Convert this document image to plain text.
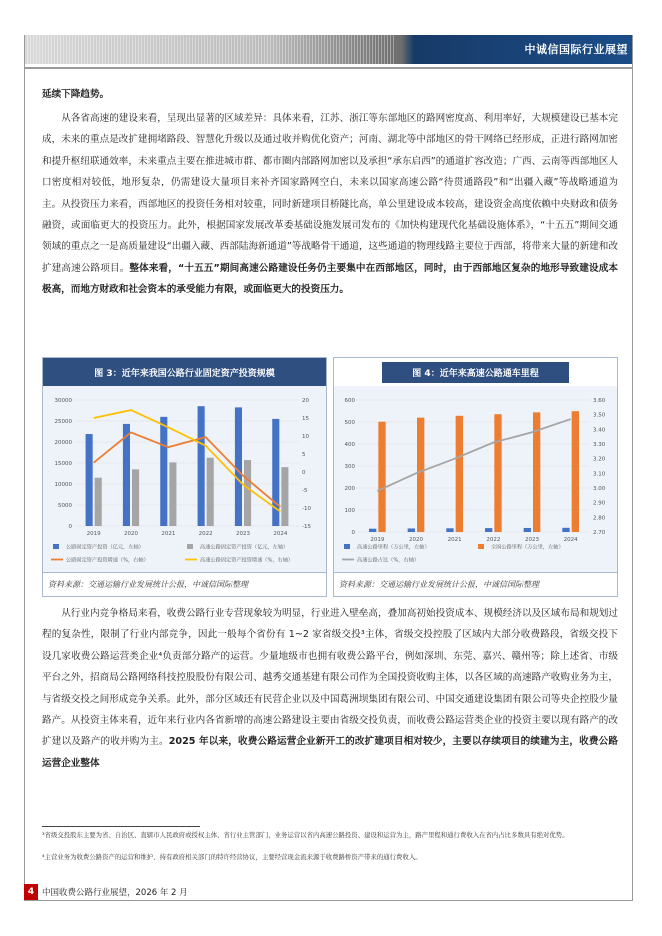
中诚信国际行业展望
延续下降趋势。
从各省高速的建设来看，呈现出显著的区域差异：具体来看，江苏、浙江等东部地区的路网密度高、利用率好，大规模建设已基本完成，未来的重点是改扩建拥堵路段、智慧化升级以及通过收并购优化资产；河南、湖北等中部地区的骨干网络已经形成，正进行路网加密和提升枢纽联通效率，未来重点主要在推进城市群、都市圈内部路网加密以及承担“承东启西”的通道扩容改造；广西、云南等西部地区人口密度相对较低，地形复杂，仍需建设大量项目来补齐国家路网空白，未来以国家高速公路“待贯通路段”和“出疆入藏”等战略通道为主。从投资压力来看，西部地区的投资任务相对较重，同时新建项目桥隧比高，单公里建设成本较高，建设资金高度依赖中央财政和债务融资，或面临更大的投资压力。此外，根据国家发展改革委基础设施发展司发布的《加快构建现代化基础设施体系》，“十五五”期间交通领域的重点之一是高质量建设“出疆入藏、西部陆海新通道”等战略骨干通道，这些通道的物理线路主要位于西部，将带来大量的新建和改扩建高速公路项目。整体来看，“十五五”期间高速公路建设任务仍主要集中在西部地区，同时，由于西部地区复杂的地形导致建设成本极高，而地方财政和社会资本的承受能力有限，或面临更大的投资压力。
图 3：近年来我国公路行业固定资产投资规模
30000
25000
20000
15000
10000
5000
0
20
15
10
5
0
-5
-10
-15
2019	2020	2021	2022	2023	2024
公路固定资产投资（亿元，左轴）	高速公路固定资产投资（亿元，左轴）
公路固定资产投资增速（%，右轴）	高速公路固定资产投资增速（%，右轴）
资料来源：交通运输行业发展统计公报，中诚信国际整理
图 4：近年来高速公路通车里程
600
500
400
300
200
100
0
3.60
3.50
3.40
3.30
3.20
3.10
3.00
2.90
2.80
2.70
2019	2020	2021	2022	2023	2024
高速公路里程（万公里，左轴）	全国公路里程（万公里，左轴）
高速公路占比（%，右轴）
资料来源：交通运输行业发展统计公报，中诚信国际整理
从行业内竞争格局来看，收费公路行业专营现象较为明显，行业进入壁垒高，叠加高初始投资成本、规模经济以及区域布局和规划过程的复杂性，限制了行业内部竞争，因此一般每个省份有 1~2 家省级交投³主体，省级交投控股了区域内大部分收费路段，省级交投下设几家收费公路运营类企业⁴负责部分路产的运营。少量地级市也拥有收费公路平台，例如深圳、东莞、嘉兴、赣州等；除上述省、市级平台之外，招商局公路网络科技控股股份有限公司、越秀交通基建有限公司作为全国投资收购主体，以各区域的高速路产收购业务为主，与省级交投之间形成竞争关系。此外，部分区域还有民营企业以及中国葛洲坝集团有限公司、中国交通建设集团有限公司等央企控股少量路产。从投资主体来看，近年来行业内各省新增的高速公路建设主要由省级交投负责，而收费公路运营类企业的投资主要以现有路产的改扩建以及路产的收并购为主。2025 年以来，收费公路运营企业新开工的改扩建项目相对较少，主要以存续项目的续建为主，收费公路运营企业整体
³省级交投股东主要为省、自治区、直辖市人民政府或授权主体、省行业主管部门，业务运营以省内高速公路投资、建设和运营为主，路产里程和通行费收入在省内占比多数具有绝对优势。
⁴主营业务为收费公路资产的运营和维护、持有政府相关部门的特许经营协议，主要经营现金流来源于收费路桥资产带来的通行费收入。
4 中国收费公路行业展望，2026 年 2 月
